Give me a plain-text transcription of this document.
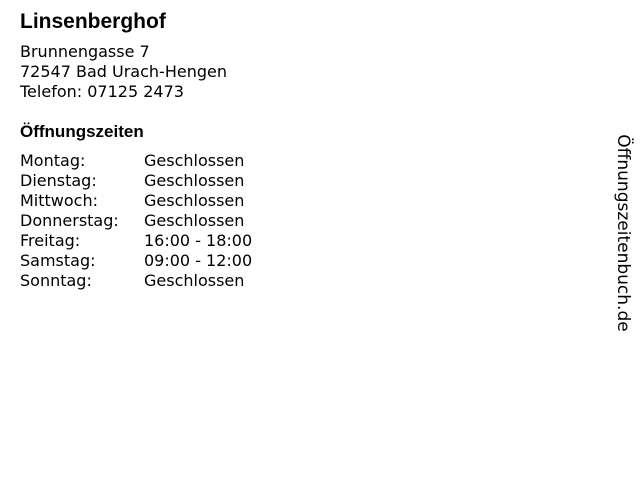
Linsenberghof
Brunnengasse 7
72547 Bad Urach-Hengen
Telefon: 07125 2473
Öffnungszeiten
Montag:	Geschlossen
Dienstag:	Geschlossen
Mittwoch:	Geschlossen
Donnerstag:	Geschlossen
Freitag:	16:00 - 18:00
Samstag:	09:00 - 12:00
Sonntag:	Geschlossen	Öffnungszeitenbuch.de
